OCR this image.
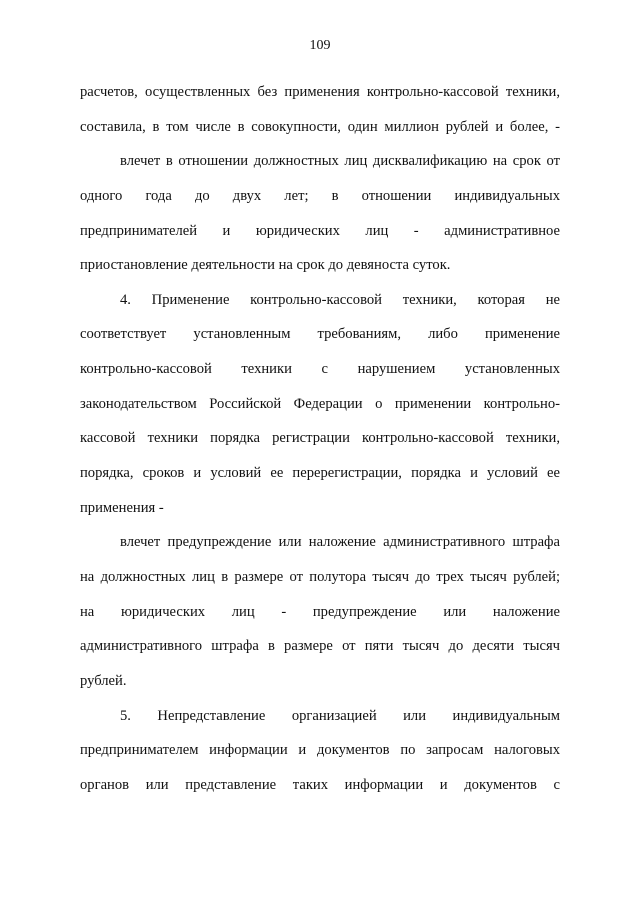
109
расчетов, осуществленных без применения контрольно-кассовой техники,
составила, в том числе в совокупности, один миллион рублей и более, -
влечет в отношении должностных лиц дисквалификацию на срок от
одного года до двух лет; в отношении индивидуальных
предпринимателей и юридических лиц - административное
приостановление деятельности на срок до девяноста суток.
4. Применение контрольно-кассовой техники, которая не
соответствует установленным требованиям, либо применение
контрольно-кассовой техники с нарушением установленных
законодательством Российской Федерации о применении контрольно-
кассовой техники порядка регистрации контрольно-кассовой техники,
порядка, сроков и условий ее перерегистрации, порядка и условий ее
применения -
влечет предупреждение или наложение административного штрафа
на должностных лиц в размере от полутора тысяч до трех тысяч рублей;
на юридических лиц - предупреждение или наложение
административного штрафа в размере от пяти тысяч до десяти тысяч
рублей.
5. Непредставление организацией или индивидуальным
предпринимателем информации и документов по запросам налоговых
органов или представление таких информации и документов с
